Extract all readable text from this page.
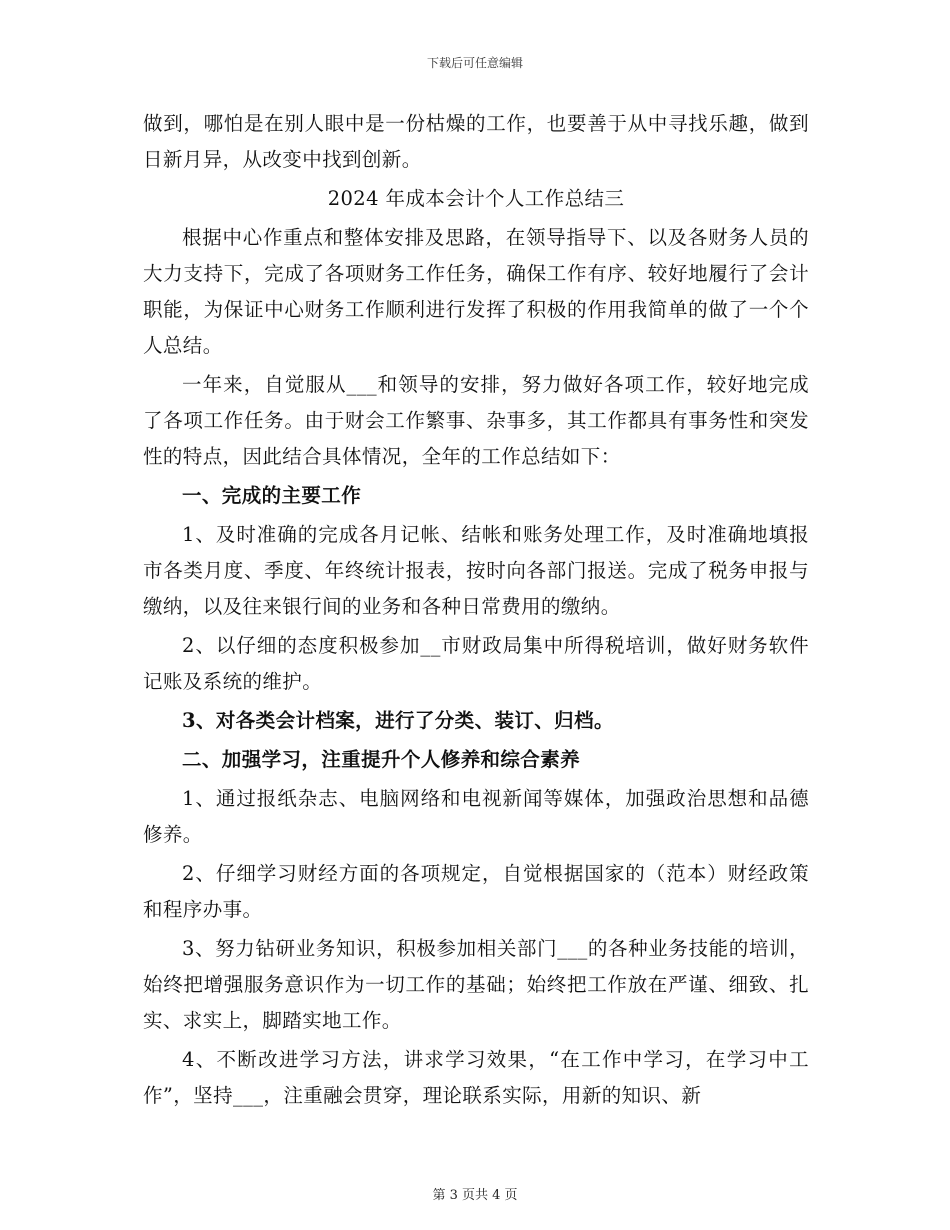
下载后可任意编辑

做到，哪怕是在别人眼中是一份枯燥的工作，也要善于从中寻找乐趣，做到日新月异，从改变中找到创新。

2024 年成本会计个人工作总结三

根据中心作重点和整体安排及思路，在领导指导下、以及各财务人员的大力支持下，完成了各项财务工作任务，确保工作有序、较好地履行了会计职能，为保证中心财务工作顺利进行发挥了积极的作用我简单的做了一个个人总结。

一年来，自觉服从___和领导的安排，努力做好各项工作，较好地完成了各项工作任务。由于财会工作繁事、杂事多，其工作都具有事务性和突发性的特点，因此结合具体情况，全年的工作总结如下：

一、完成的主要工作

1、及时准确的完成各月记帐、结帐和账务处理工作，及时准确地填报市各类月度、季度、年终统计报表，按时向各部门报送。完成了税务申报与缴纳，以及往来银行间的业务和各种日常费用的缴纳。

2、以仔细的态度积极参加__市财政局集中所得税培训，做好财务软件记账及系统的维护。

3、对各类会计档案，进行了分类、装订、归档。

二、加强学习，注重提升个人修养和综合素养

1、通过报纸杂志、电脑网络和电视新闻等媒体，加强政治思想和品德修养。

2、仔细学习财经方面的各项规定，自觉根据国家的（范本）财经政策和程序办事。

3、努力钻研业务知识，积极参加相关部门___的各种业务技能的培训，始终把增强服务意识作为一切工作的基础；始终把工作放在严谨、细致、扎实、求实上，脚踏实地工作。

4、不断改进学习方法，讲求学习效果，“在工作中学习，在学习中工作”，坚持___，注重融会贯穿，理论联系实际，用新的知识、新

第 3 页共 4 页
